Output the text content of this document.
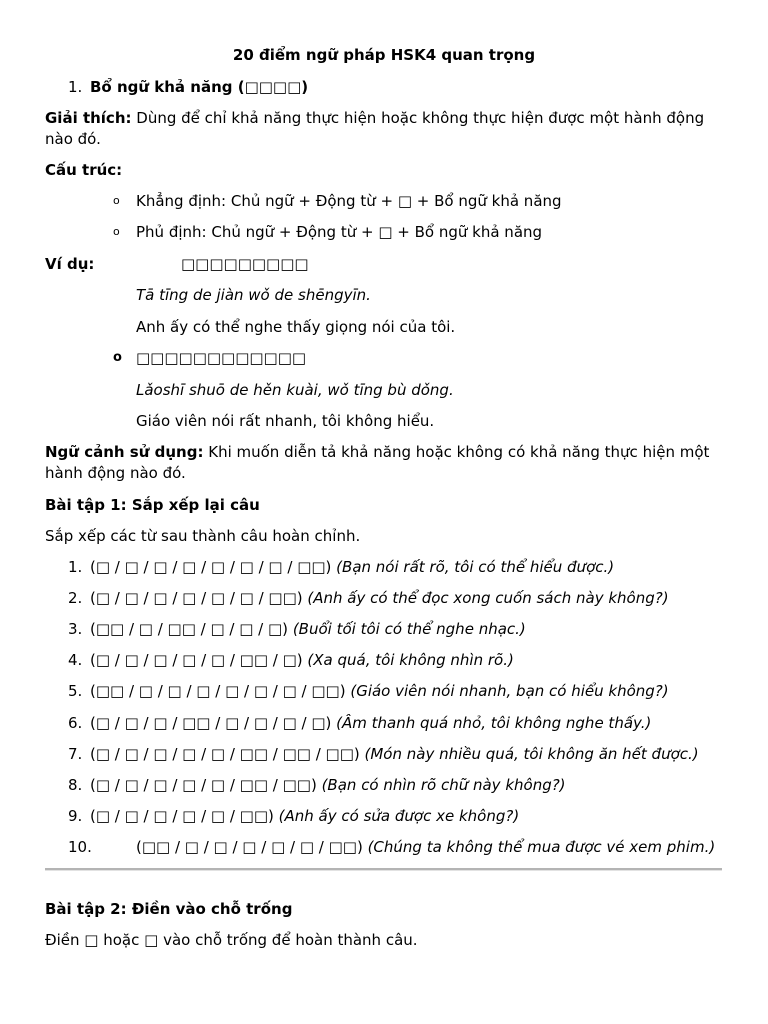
20 điểm ngữ pháp HSK4 quan trọng
1. Bổ ngữ khả năng (□□□□)
Giải thích: Dùng để chỉ khả năng thực hiện hoặc không thực hiện được một hành động nào đó.
Cấu trúc:
o Khẳng định: Chủ ngữ + Động từ + □ + Bổ ngữ khả năng
o Phủ định: Chủ ngữ + Động từ + □ + Bổ ngữ khả năng
Ví dụ:	□□□□□□□□□
Tā tīng de jiàn wǒ de shēngyīn.
Anh ấy có thể nghe thấy giọng nói của tôi.
o □□□□□□□□□□□□
Lǎoshī shuō de hěn kuài, wǒ tīng bù dǒng.
Giáo viên nói rất nhanh, tôi không hiểu.
Ngữ cảnh sử dụng: Khi muốn diễn tả khả năng hoặc không có khả năng thực hiện một hành động nào đó.
Bài tập 1: Sắp xếp lại câu
Sắp xếp các từ sau thành câu hoàn chỉnh.
1. (□ / □ / □ / □ / □ / □ / □ / □□) (Bạn nói rất rõ, tôi có thể hiểu được.)
2. (□ / □ / □ / □ / □ / □ / □□) (Anh ấy có thể đọc xong cuốn sách này không?)
3. (□□ / □ / □□ / □ / □ / □) (Buổi tối tôi có thể nghe nhạc.)
4. (□ / □ / □ / □ / □ / □□ / □) (Xa quá, tôi không nhìn rõ.)
5. (□□ / □ / □ / □ / □ / □ / □ / □□) (Giáo viên nói nhanh, bạn có hiểu không?)
6. (□ / □ / □ / □□ / □ / □ / □ / □) (Âm thanh quá nhỏ, tôi không nghe thấy.)
7. (□ / □ / □ / □ / □ / □□ / □□ / □□) (Món này nhiều quá, tôi không ăn hết được.)
8. (□ / □ / □ / □ / □ / □□ / □□) (Bạn có nhìn rõ chữ này không?)
9. (□ / □ / □ / □ / □ / □□) (Anh ấy có sửa được xe không?)
10.	(□□ / □ / □ / □ / □ / □ / □□) (Chúng ta không thể mua được vé xem phim.)
Bài tập 2: Điền vào chỗ trống
Điền □ hoặc □ vào chỗ trống để hoàn thành câu.
